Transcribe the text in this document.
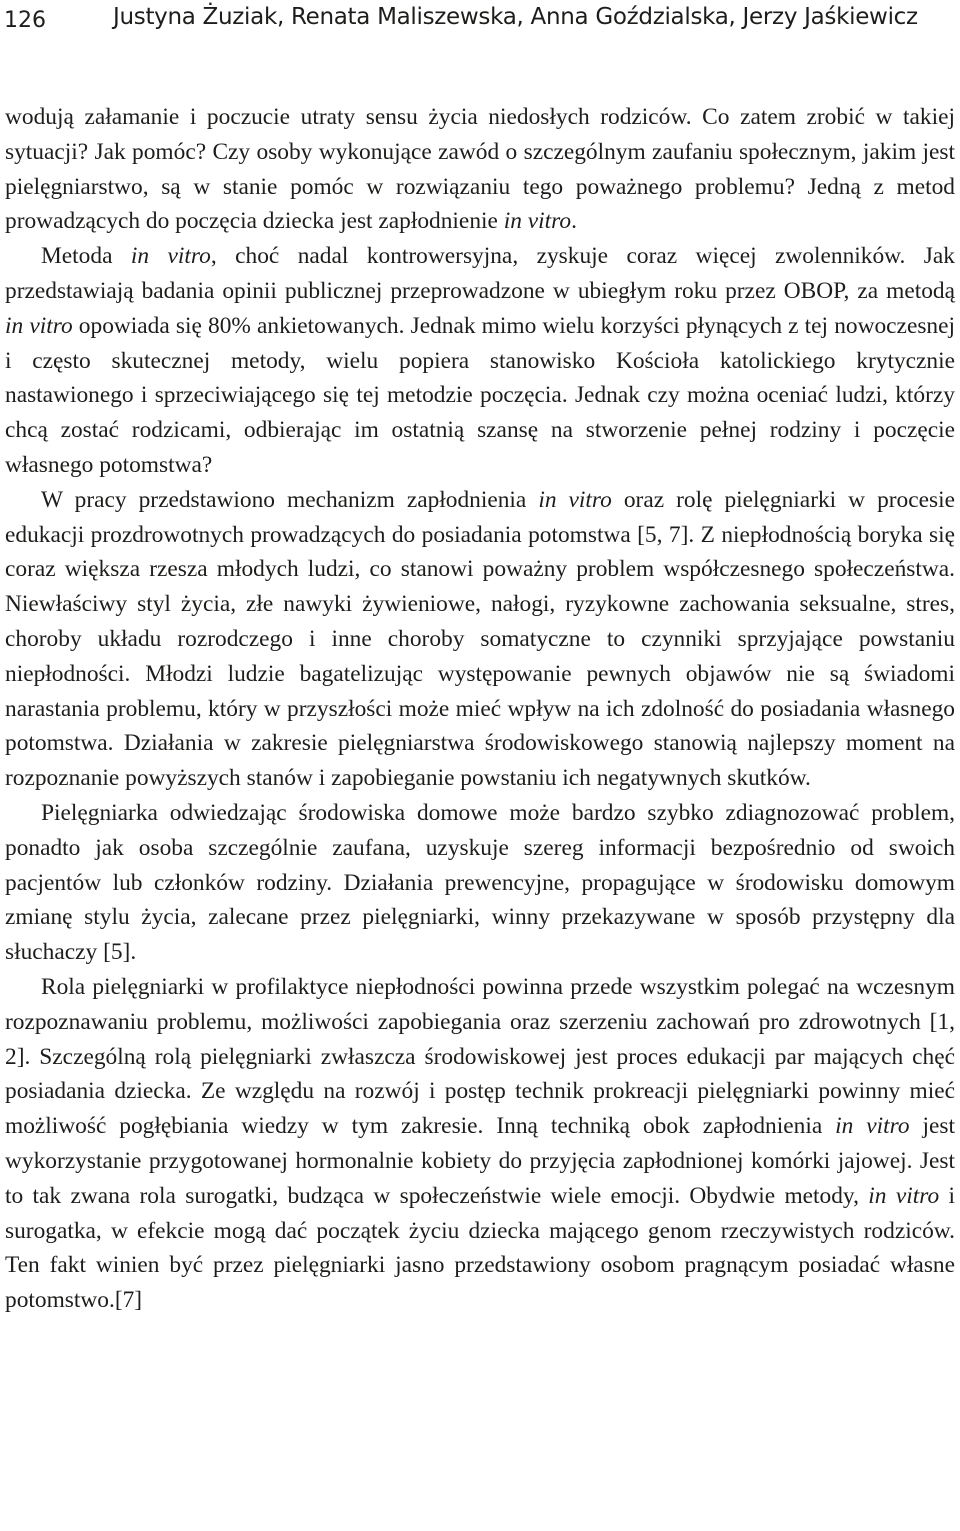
126	Justyna Żuziak, Renata Maliszewska, Anna Goździalska, Jerzy Jaśkiewicz

wodują załamanie i poczucie utraty sensu życia niedosłych rodziców. Co zatem zrobić w takiej sytuacji? Jak pomóc? Czy osoby wykonujące zawód o szczególnym zaufaniu społecznym, jakim jest pielęgniarstwo, są w stanie pomóc w rozwiązaniu tego poważnego problemu? Jedną z metod prowadzących do poczęcia dziecka jest zapłodnienie in vitro.

Metoda in vitro, choć nadal kontrowersyjna, zyskuje coraz więcej zwolenników. Jak przedstawiają badania opinii publicznej przeprowadzone w ubiegłym roku przez OBOP, za metodą in vitro opowiada się 80% ankietowanych. Jednak mimo wielu korzyści płynących z tej nowoczesnej i często skutecznej metody, wielu popiera stanowisko Kościoła katolickiego krytycznie nastawionego i sprzeciwiającego się tej metodzie poczęcia. Jednak czy można oceniać ludzi, którzy chcą zostać rodzicami, odbierając im ostatnią szansę na stworzenie pełnej rodziny i poczęcie własnego potomstwa?

W pracy przedstawiono mechanizm zapłodnienia in vitro oraz rolę pielęgniarki w procesie edukacji prozdrowotnych prowadzących do posiadania potomstwa [5, 7]. Z niepłodnością boryka się coraz większa rzesza młodych ludzi, co stanowi poważny problem współczesnego społeczeństwa. Niewłaściwy styl życia, złe nawyki żywieniowe, nałogi, ryzykowne zachowania seksualne, stres, choroby układu rozrodczego i inne choroby somatyczne to czynniki sprzyjające powstaniu niepłodności. Młodzi ludzie bagatelizując występowanie pewnych objawów nie są świadomi narastania problemu, który w przyszłości może mieć wpływ na ich zdolność do posiadania własnego potomstwa. Działania w zakresie pielęgniarstwa środowiskowego stanowią najlepszy moment na rozpoznanie powyższych stanów i zapobieganie powstaniu ich negatywnych skutków.

Pielęgniarka odwiedzając środowiska domowe może bardzo szybko zdiagnozować problem, ponadto jak osoba szczególnie zaufana, uzyskuje szereg informacji bezpośrednio od swoich pacjentów lub członków rodziny. Działania prewencyjne, propagujące w środowisku domowym zmianę stylu życia, zalecane przez pielęgniarki, winny przekazywane w sposób przystępny dla słuchaczy [5].

Rola pielęgniarki w profilaktyce niepłodności powinna przede wszystkim polegać na wczesnym rozpoznawaniu problemu, możliwości zapobiegania oraz szerzeniu zachowań pro zdrowotnych [1, 2]. Szczególną rolą pielęgniarki zwłaszcza środowiskowej jest proces edukacji par mających chęć posiadania dziecka. Ze względu na rozwój i postęp technik prokreacji pielęgniarki powinny mieć możliwość pogłębiania wiedzy w tym zakresie. Inną techniką obok zapłodnienia in vitro jest wykorzystanie przygotowanej hormonalnie kobiety do przyjęcia zapłodnionej komórki jajowej. Jest to tak zwana rola surogatki, budząca w społeczeństwie wiele emocji. Obydwie metody, in vitro i surogatka, w efekcie mogą dać początek życiu dziecka mającego genom rzeczywistych rodziców. Ten fakt winien być przez pielęgniarki jasno przedstawiony osobom pragnącym posiadać własne potomstwo.[7]
